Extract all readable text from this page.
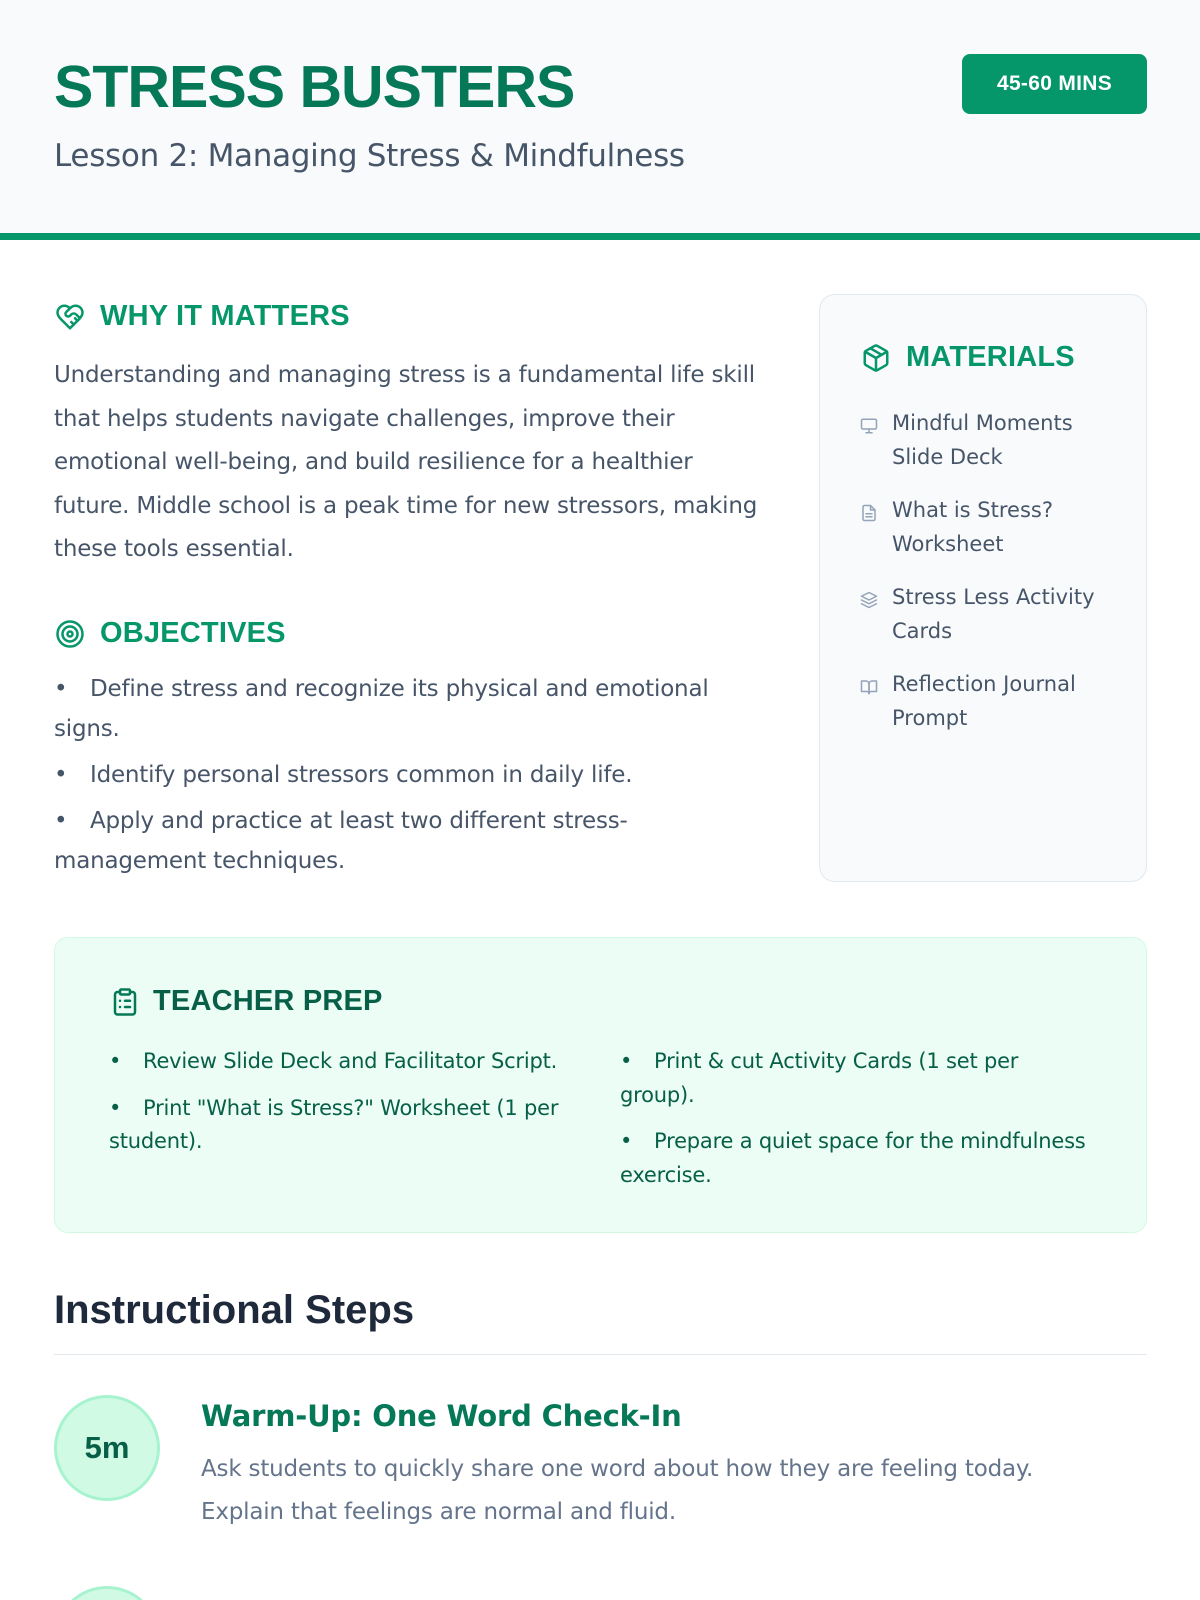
STRESS BUSTERS
Lesson 2: Managing Stress & Mindfulness
45-60 MINS
WHY IT MATTERS

Understanding and managing stress is a fundamental life skill that helps students navigate challenges, improve their emotional well-being, and build resilience for a healthier future. Middle school is a peak time for new stressors, making these tools essential.

OBJECTIVES
• Define stress and recognize its physical and emotional signs.
• Identify personal stressors common in daily life.
• Apply and practice at least two different stress-management techniques.
MATERIALS
Mindful Moments Slide Deck
What is Stress? Worksheet
Stress Less Activity Cards
Reflection Journal Prompt
TEACHER PREP
• Review Slide Deck and Facilitator Script.
• Print "What is Stress?" Worksheet (1 per student).
• Print & cut Activity Cards (1 set per group).
• Prepare a quiet space for the mindfulness exercise.
Instructional Steps
5m
Warm-Up: One Word Check-In

Ask students to quickly share one word about how they are feeling today. Explain that feelings are normal and fluid.
